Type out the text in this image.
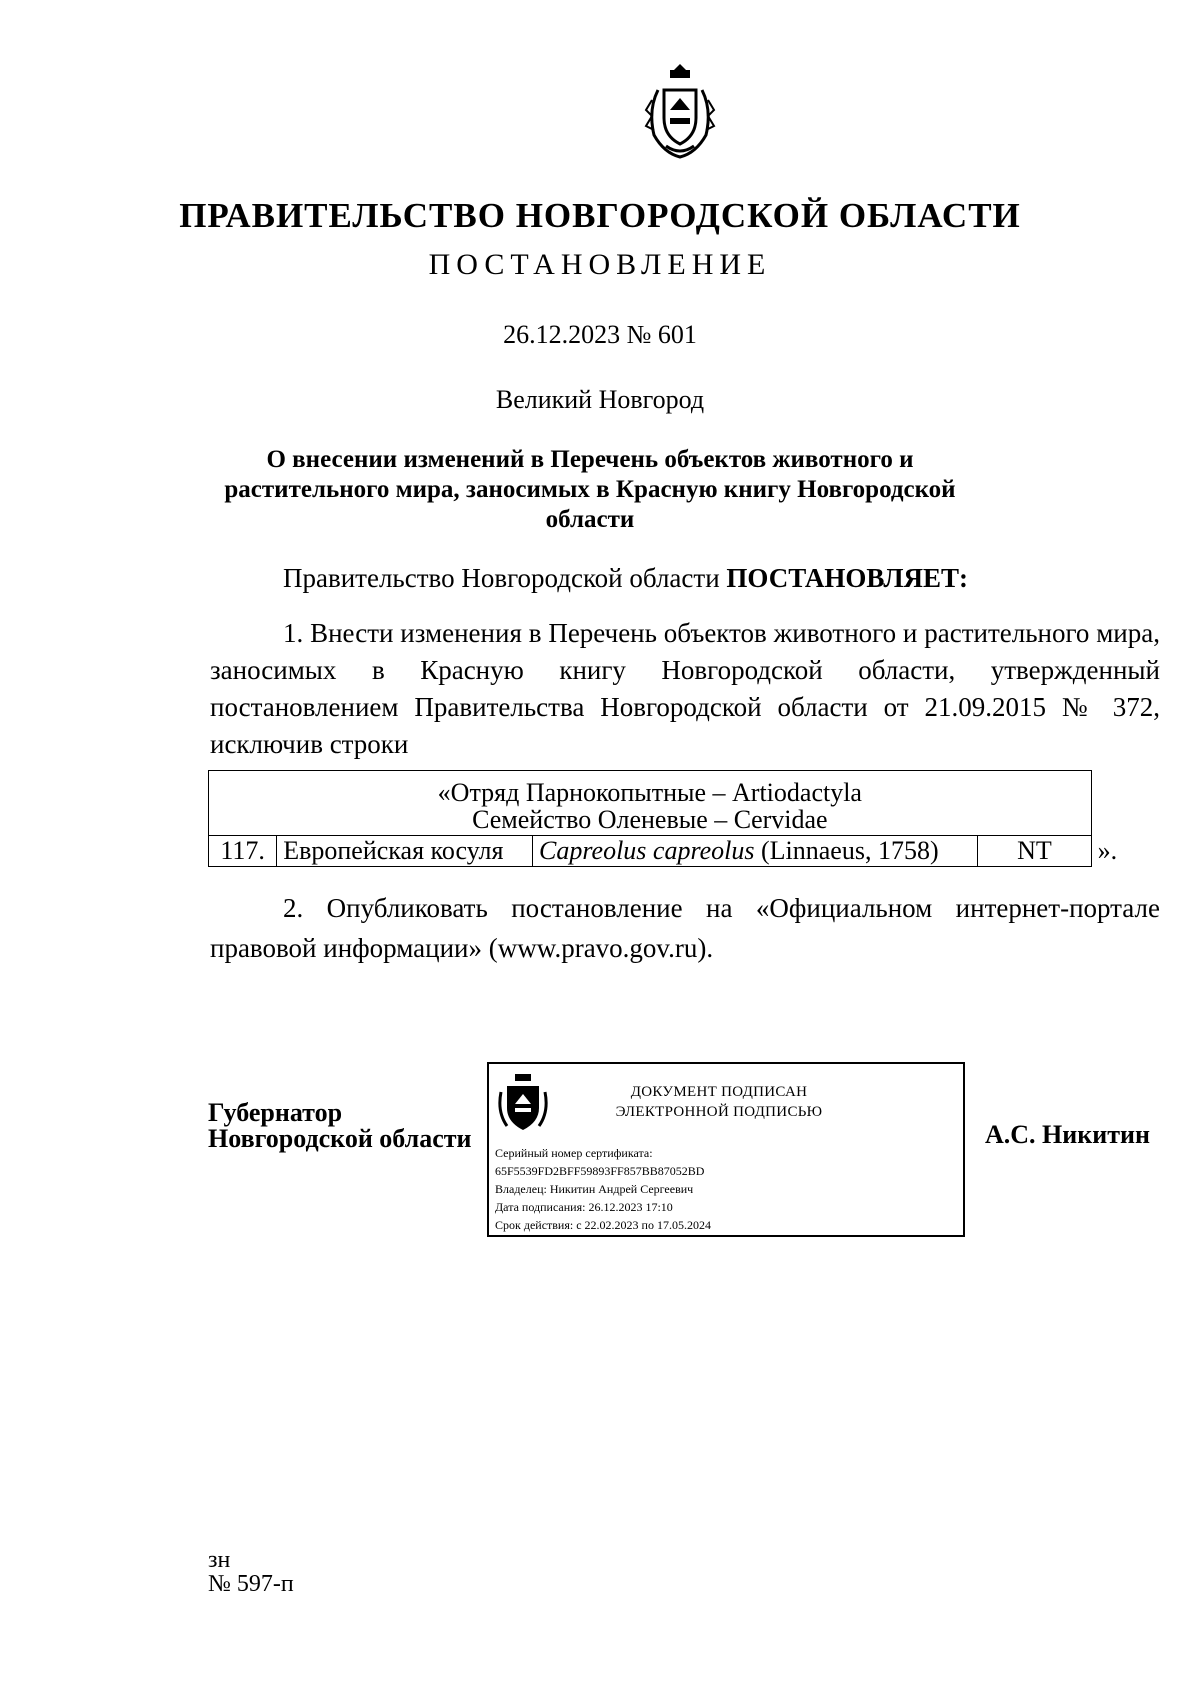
ПРАВИТЕЛЬСТВО НОВГОРОДСКОЙ ОБЛАСТИ
ПОСТАНОВЛЕНИЕ
26.12.2023 № 601
Великий Новгород
О внесении изменений в Перечень объектов животного и растительного мира, заносимых в Красную книгу Новгородской области
Правительство Новгородской области ПОСТАНОВЛЯЕТ:
1. Внести изменения в Перечень объектов животного и растительного мира, заносимых в Красную книгу Новгородской области, утвержденный постановлением Правительства Новгородской области от 21.09.2015 № 372, исключив строки
«Отряд Парнокопытные – Artiodactyla
Семейство Оленевые – Cervidae				

117.	Европейская косуля	Capreolus capreolus (Linnaeus, 1758)	NT	».
2. Опубликовать постановление на «Официальном интернет-портале правовой информации» (www.pravo.gov.ru).
Губернатор
Новгородской области
ДОКУМЕНТ ПОДПИСАН
ЭЛЕКТРОННОЙ ПОДПИСЬЮ
Серийный номер сертификата:
65F5539FD2BFF59893FF857BB87052BD
Владелец: Никитин Андрей Сергеевич
Дата подписания: 26.12.2023 17:10
Срок действия: с 22.02.2023 по 17.05.2024
А.С. Никитин
зн
№ 597-п
